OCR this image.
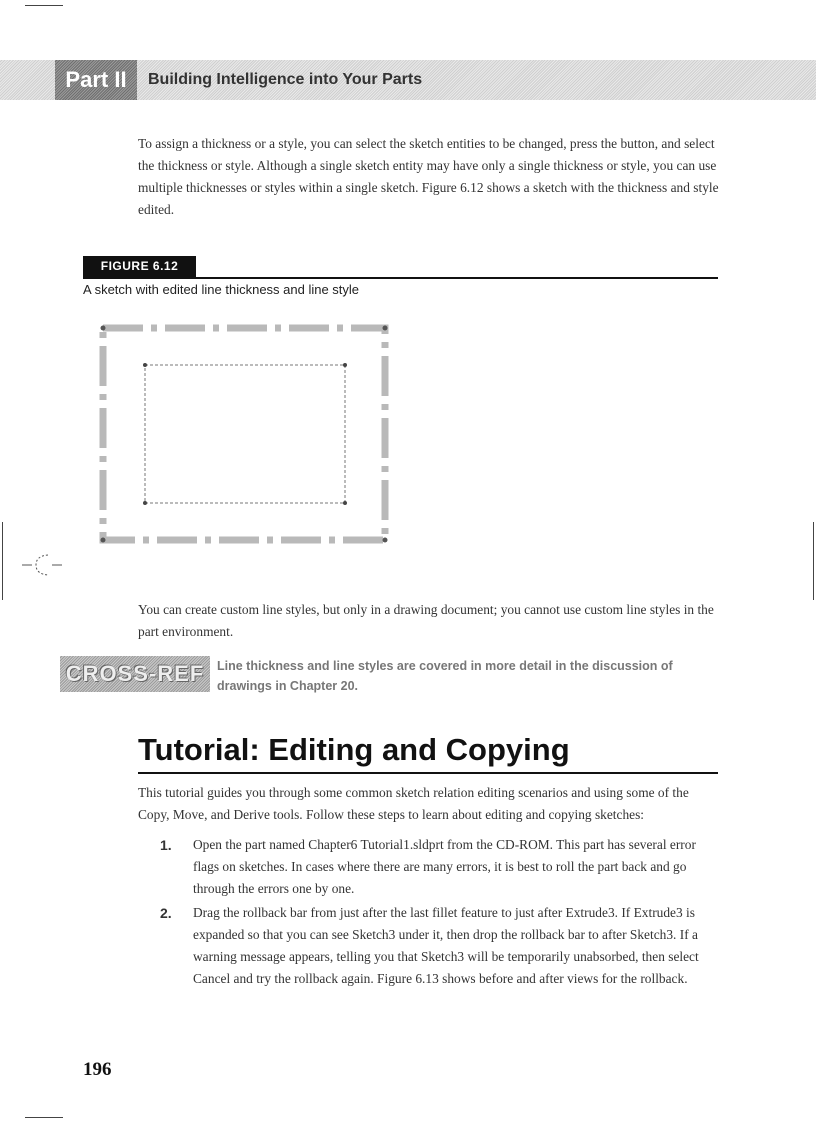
Part II	Building Intelligence into Your Parts

To assign a thickness or a style, you can select the sketch entities to be changed, press the button, and select the thickness or style. Although a single sketch entity may have only a single thickness or style, you can use multiple thicknesses or styles within a single sketch. Figure 6.12 shows a sketch with the thickness and style edited.

FIGURE 6.12
A sketch with edited line thickness and line style

You can create custom line styles, but only in a drawing document; you cannot use custom line styles in the part environment.

CROSS-REF	Line thickness and line styles are covered in more detail in the discussion of drawings in Chapter 20.
Tutorial: Editing and Copying

This tutorial guides you through some common sketch relation editing scenarios and using some of the Copy, Move, and Derive tools. Follow these steps to learn about editing and copying sketches:

1.	Open the part named Chapter6 Tutorial1.sldprt from the CD-ROM. This part has several error flags on sketches. In cases where there are many errors, it is best to roll the part back and go through the errors one by one.
2.	Drag the rollback bar from just after the last fillet feature to just after Extrude3. If Extrude3 is expanded so that you can see Sketch3 under it, then drop the rollback bar to after Sketch3. If a warning message appears, telling you that Sketch3 will be temporarily unabsorbed, then select Cancel and try the rollback again. Figure 6.13 shows before and after views for the rollback.
196
